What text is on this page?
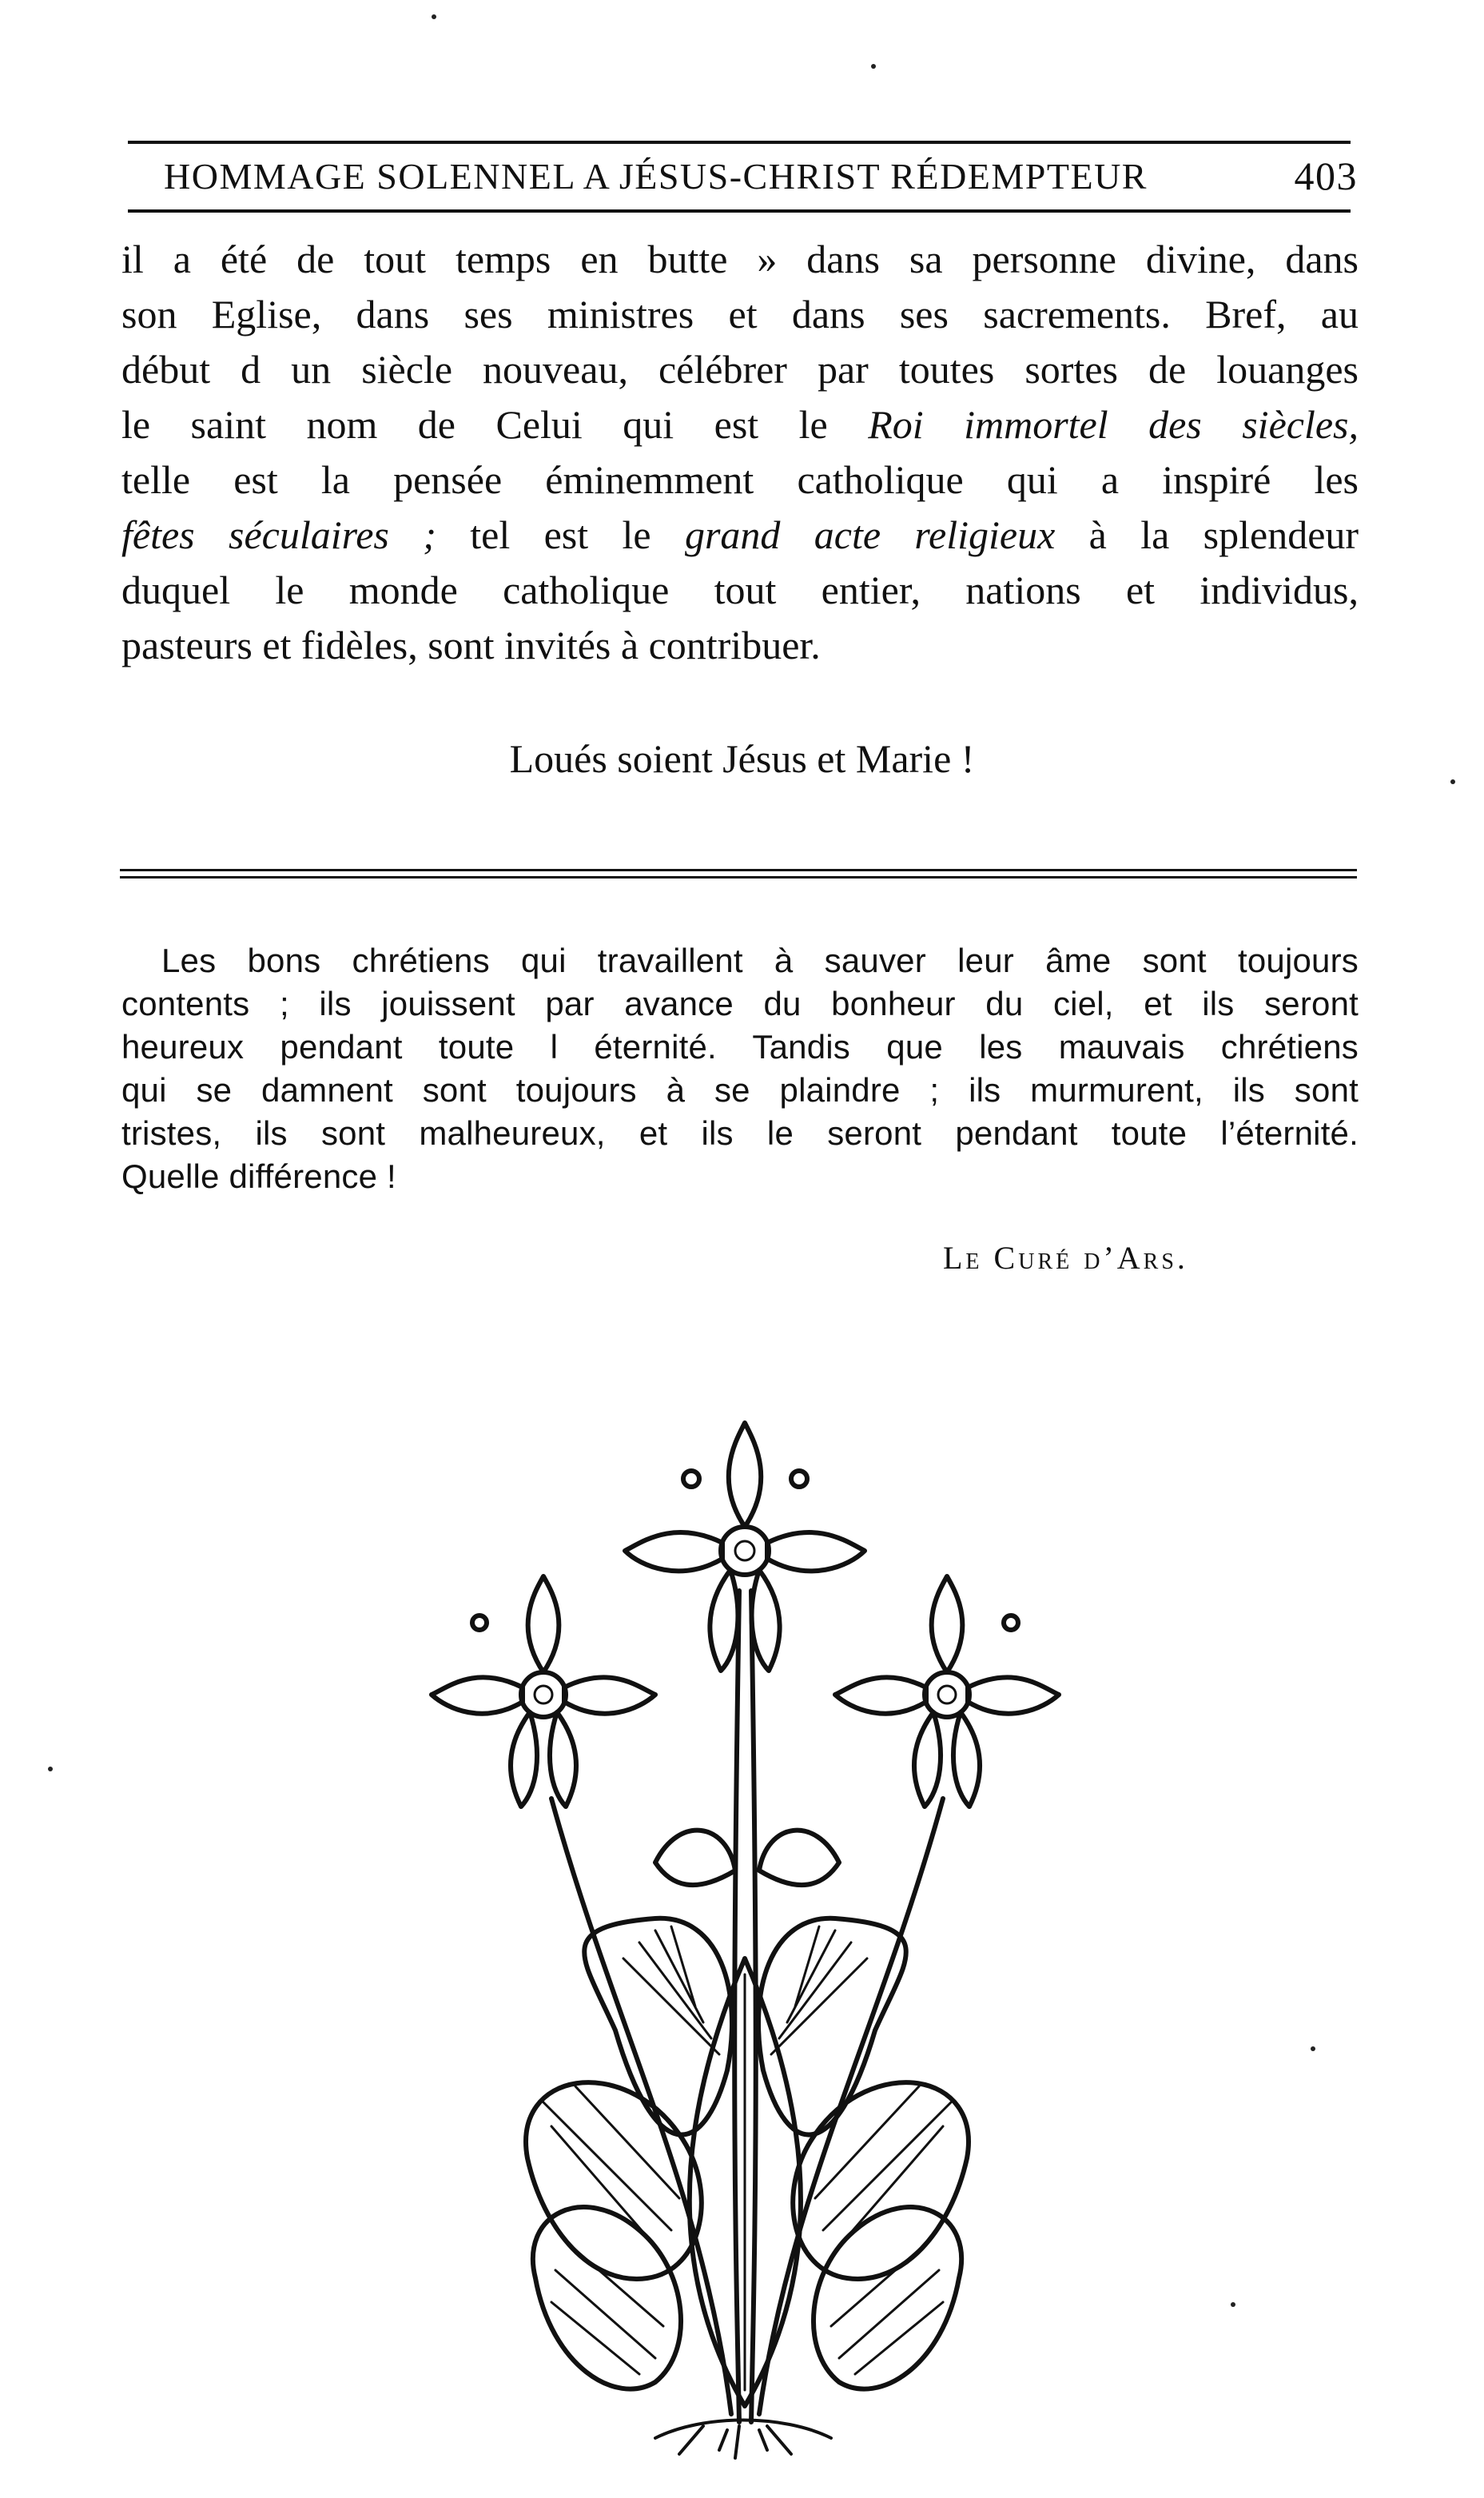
HOMMAGE SOLENNEL A JÉSUS-CHRIST RÉDEMPTEUR	403
il a été de tout temps en butte » dans sa personne divine, dans
son Eglise, dans ses ministres et dans ses sacrements. Bref, au
début d un siècle nouveau, célébrer par toutes sortes de louanges
le saint nom de Celui qui est le Roi immortel des siècles,
telle est la pensée éminemment catholique qui a inspiré les
fêtes séculaires ; tel est le grand acte religieux à la splendeur
duquel le monde catholique tout entier, nations et individus,
pasteurs et fidèles, sont invités à contribuer.
Loués soient Jésus et Marie !
Les bons chrétiens qui travaillent à sauver leur âme sont toujours
contents ; ils jouissent par avance du bonheur du ciel, et ils seront
heureux pendant toute l éternité. Tandis que les mauvais chrétiens
qui se damnent sont toujours à se plaindre ; ils murmurent, ils sont
tristes, ils sont malheureux, et ils le seront pendant toute l’éternité.
Quelle différence !
Le Curé d’Ars.
